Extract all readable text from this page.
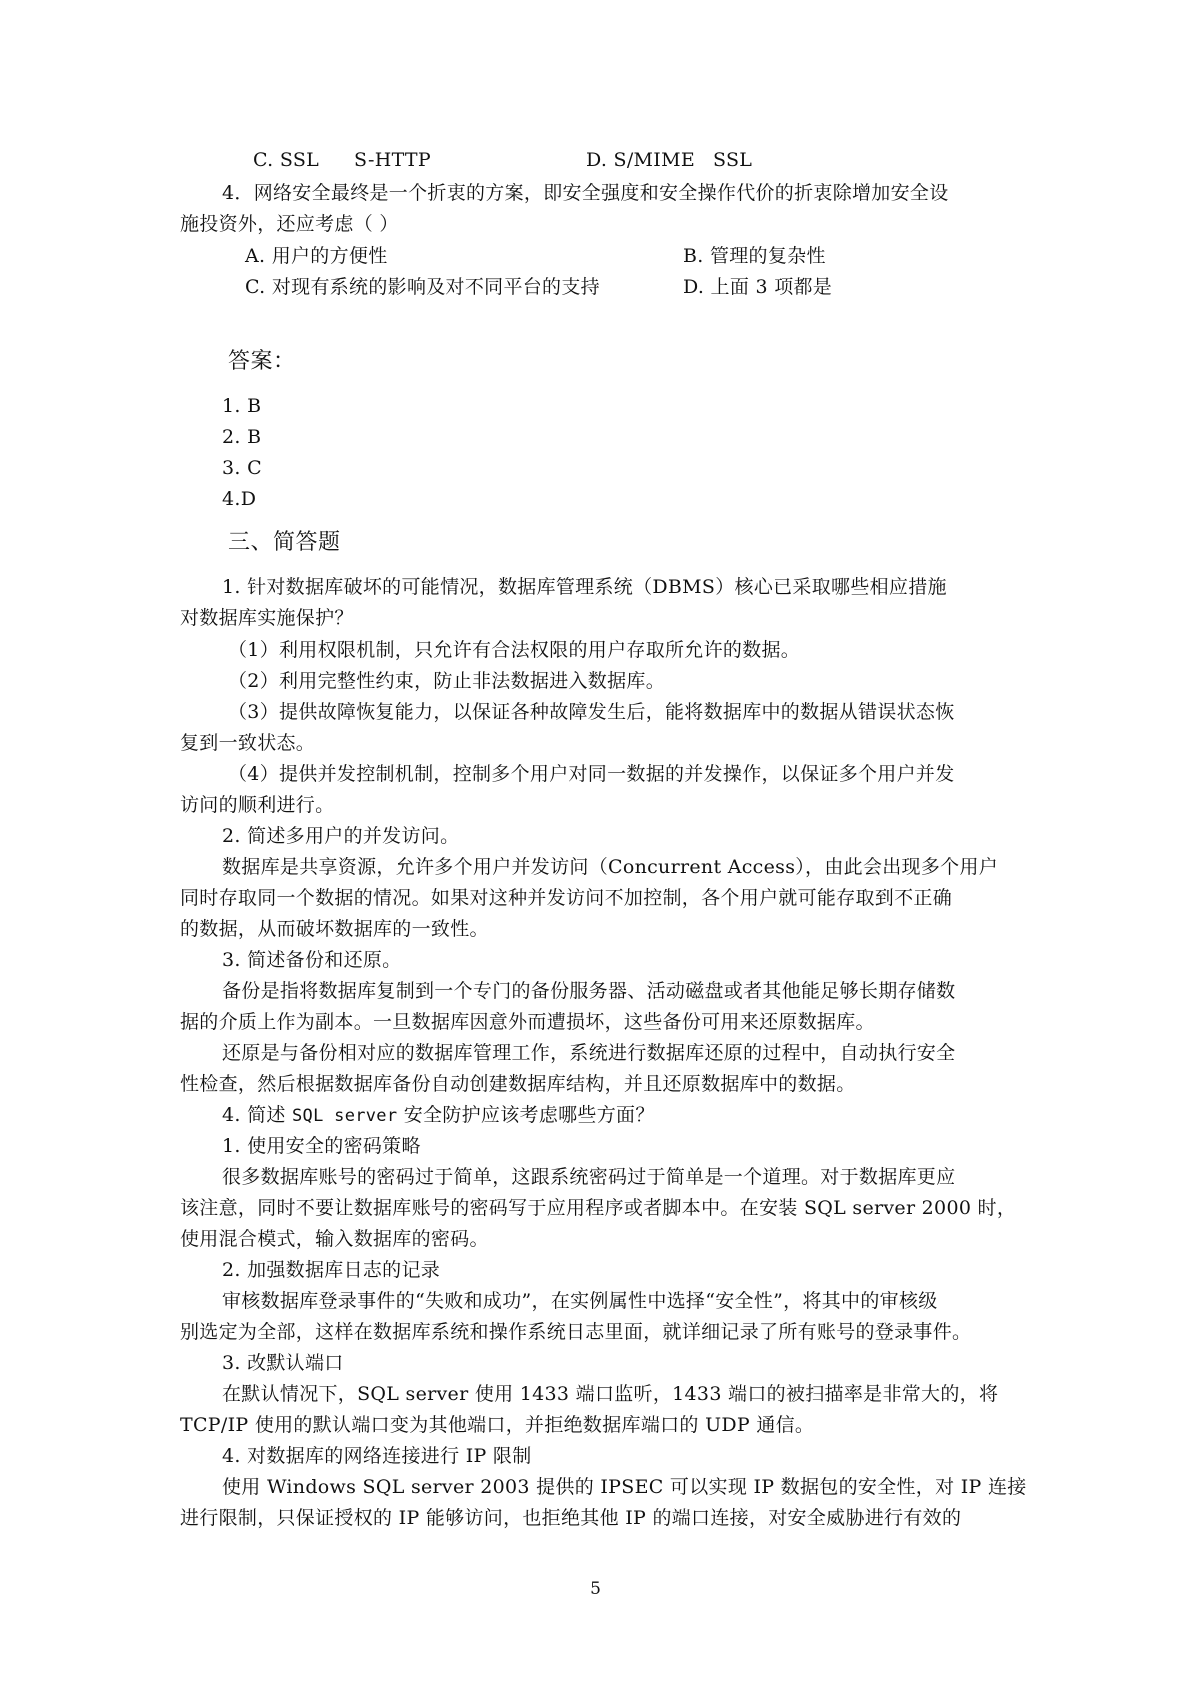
C. SSL S-HTTP	D. S/MIME SSL
4．网络安全最终是一个折衷的方案，即安全强度和安全操作代价的折衷除增加安全设
施投资外，还应考虑（ ）
A. 用户的方便性	B. 管理的复杂性
C. 对现有系统的影响及对不同平台的支持	D. 上面 3 项都是
答案：
1. B
2. B
3. C
4.D
三、简答题
1. 针对数据库破坏的可能情况，数据库管理系统（DBMS）核心已采取哪些相应措施
对数据库实施保护？
（1）利用权限机制，只允许有合法权限的用户存取所允许的数据。
（2）利用完整性约束，防止非法数据进入数据库。
（3）提供故障恢复能力，以保证各种故障发生后，能将数据库中的数据从错误状态恢
复到一致状态。
（4）提供并发控制机制，控制多个用户对同一数据的并发操作，以保证多个用户并发
访问的顺利进行。
2. 简述多用户的并发访问。
数据库是共享资源，允许多个用户并发访问（Concurrent Access），由此会出现多个用户
同时存取同一个数据的情况。如果对这种并发访问不加控制，各个用户就可能存取到不正确
的数据，从而破坏数据库的一致性。
3. 简述备份和还原。
备份是指将数据库复制到一个专门的备份服务器、活动磁盘或者其他能足够长期存储数
据的介质上作为副本。一旦数据库因意外而遭损坏，这些备份可用来还原数据库。
还原是与备份相对应的数据库管理工作，系统进行数据库还原的过程中，自动执行安全
性检查，然后根据数据库备份自动创建数据库结构，并且还原数据库中的数据。
4. 简述 SQL server 安全防护应该考虑哪些方面？
1. 使用安全的密码策略
很多数据库账号的密码过于简单，这跟系统密码过于简单是一个道理。对于数据库更应
该注意，同时不要让数据库账号的密码写于应用程序或者脚本中。在安装 SQL server 2000 时，
使用混合模式，输入数据库的密码。
2. 加强数据库日志的记录
审核数据库登录事件的“失败和成功”，在实例属性中选择“安全性”，将其中的审核级
别选定为全部，这样在数据库系统和操作系统日志里面，就详细记录了所有账号的登录事件。
3. 改默认端口
在默认情况下，SQL server 使用 1433 端口监听，1433 端口的被扫描率是非常大的，将
TCP/IP 使用的默认端口变为其他端口，并拒绝数据库端口的 UDP 通信。
4. 对数据库的网络连接进行 IP 限制
使用 Windows SQL server 2003 提供的 IPSEC 可以实现 IP 数据包的安全性，对 IP 连接
进行限制，只保证授权的 IP 能够访问，也拒绝其他 IP 的端口连接，对安全威胁进行有效的
5
